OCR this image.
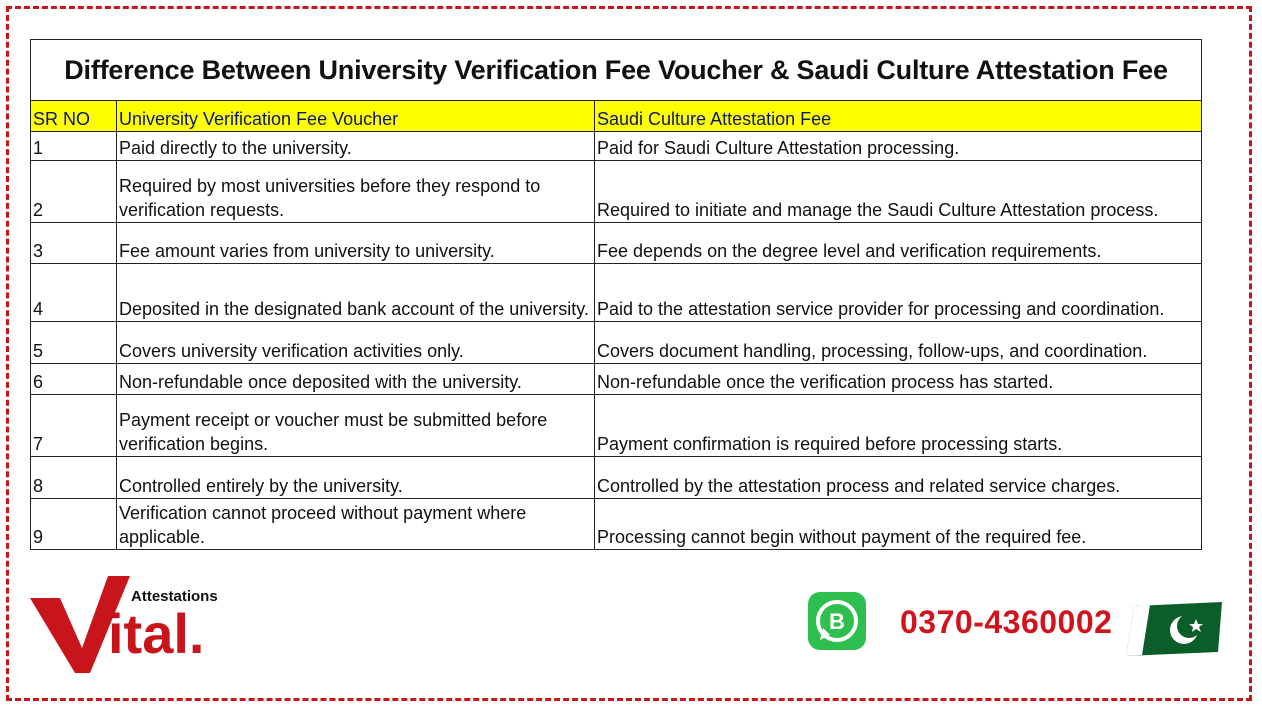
Difference Between University Verification Fee Voucher & Saudi Culture Attestation Fee		
SR NO	University Verification Fee Voucher	Saudi Culture Attestation Fee
1	Paid directly to the university.	Paid for Saudi Culture Attestation processing.
2	Required by most universities before they respond to verification requests.	Required to initiate and manage the Saudi Culture Attestation process.
3	Fee amount varies from university to university.	Fee depends on the degree level and verification requirements.
4	Deposited in the designated bank account of the university.	Paid to the attestation service provider for processing and coordination.
5	Covers university verification activities only.	Covers document handling, processing, follow-ups, and coordination.
6	Non-refundable once deposited with the university.	Non-refundable once the verification process has started.
7	Payment receipt or voucher must be submitted before verification begins.	Payment confirmation is required before processing starts.
8	Controlled entirely by the university.	Controlled by the attestation process and related service charges.
9	Verification cannot proceed without payment where applicable.	Processing cannot begin without payment of the required fee.
Attestations
ital.	B 0370-4360002
